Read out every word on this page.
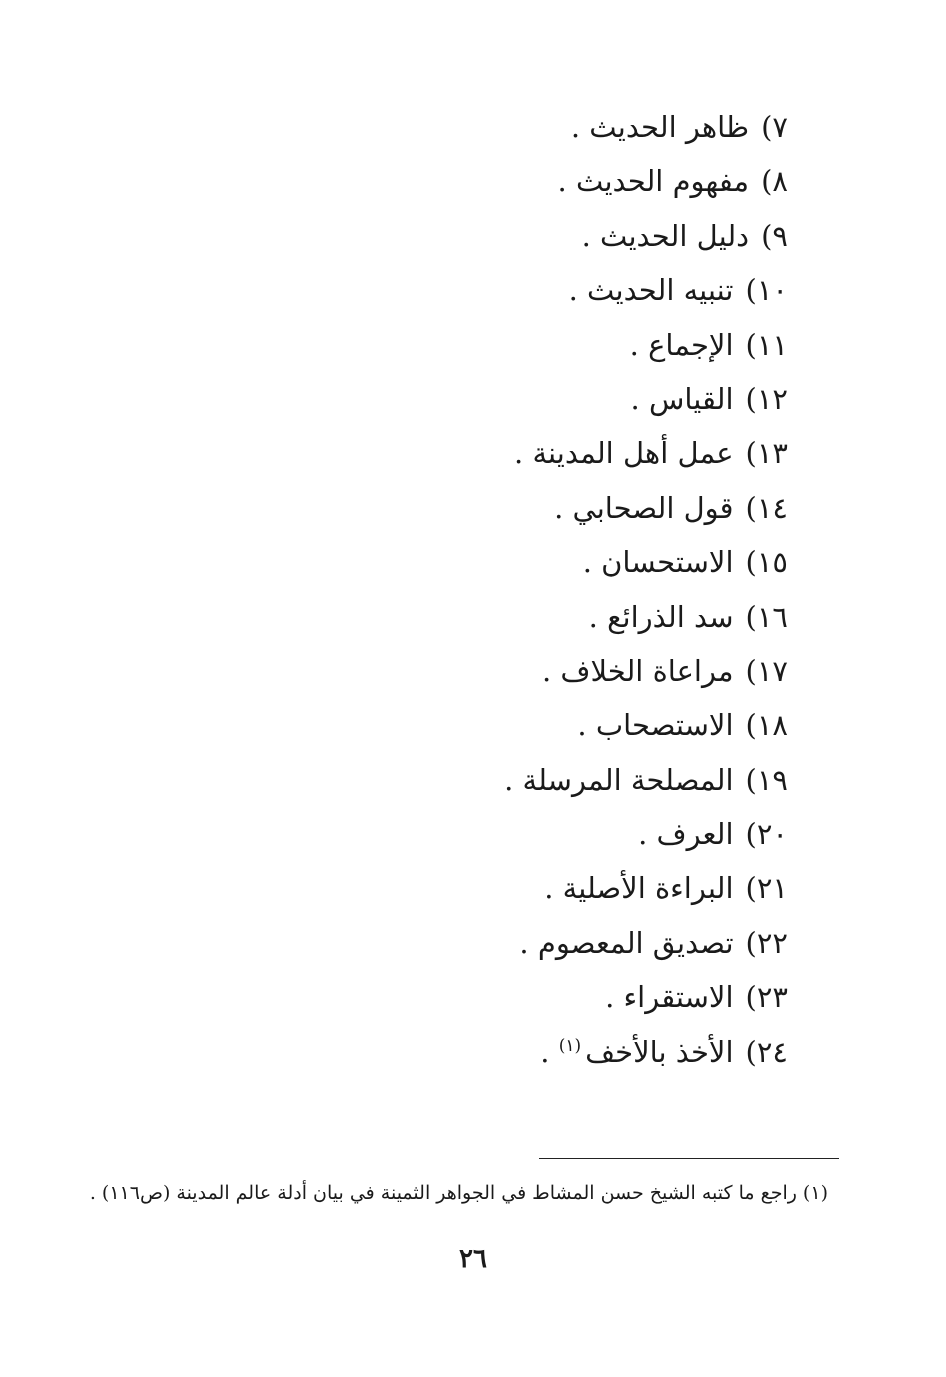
٧)ظاهر الحديث .
٨)مفهوم الحديث .
٩)دليل الحديث .
١٠)تنبيه الحديث .
١١)الإجماع .
١٢)القياس .
١٣)عمل أهل المدينة .
١٤)قول الصحابي .
١٥)الاستحسان .
١٦)سد الذرائع .
١٧)مراعاة الخلاف .
١٨)الاستصحاب .
١٩)المصلحة المرسلة .
٢٠)العرف .
٢١)البراءة الأصلية .
٢٢)تصديق المعصوم .
٢٣)الاستقراء .
٢٤)الأخذ بالأخف$^{(١)}$ .
(١) راجع ما كتبه الشيخ حسن المشاط في الجواهر الثمينة في بيان أدلة عالم المدينة (ص١١٦) .
٢٦
